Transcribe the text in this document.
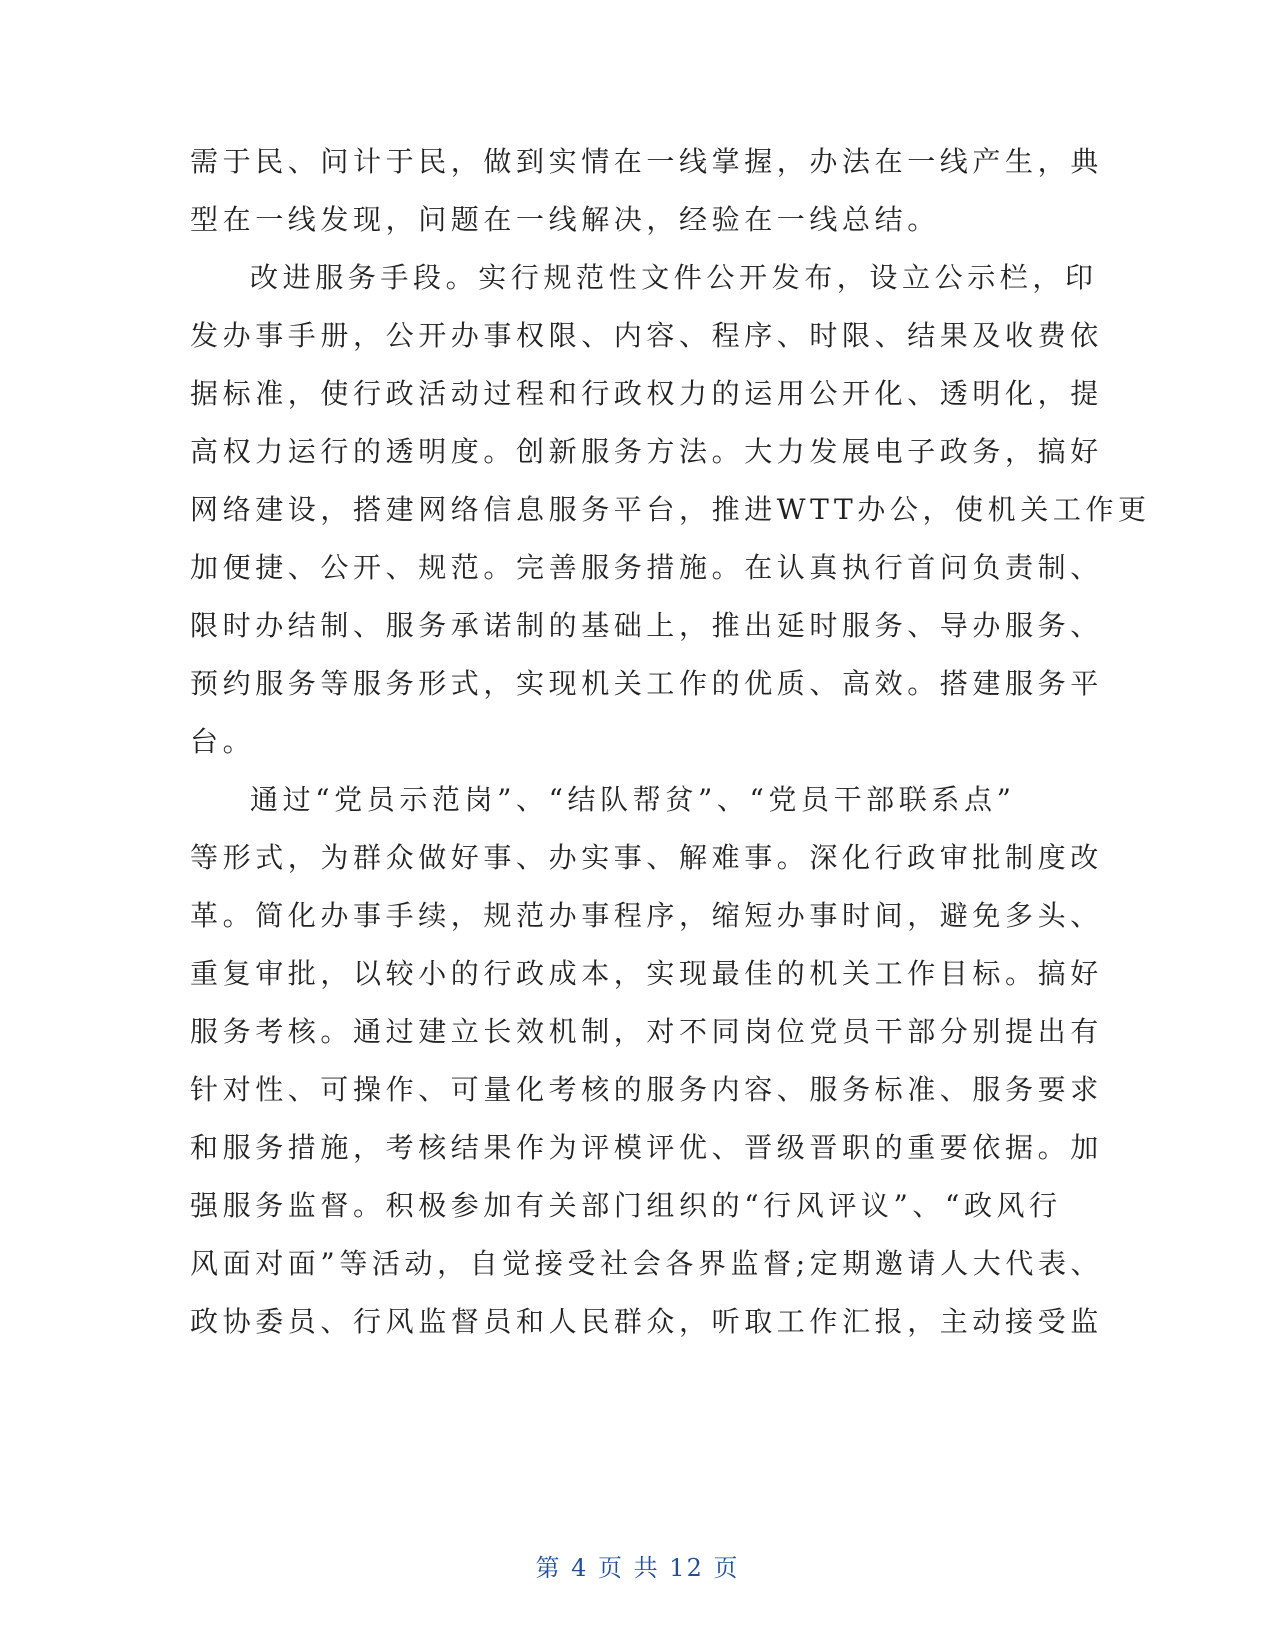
需于民、问计于民，做到实情在一线掌握，办法在一线产生，典
型在一线发现，问题在一线解决，经验在一线总结。
改进服务手段。实行规范性文件公开发布，设立公示栏，印
发办事手册，公开办事权限、内容、程序、时限、结果及收费依
据标准，使行政活动过程和行政权力的运用公开化、透明化，提
高权力运行的透明度。创新服务方法。大力发展电子政务，搞好
网络建设，搭建网络信息服务平台，推进WTT办公，使机关工作更
加便捷、公开、规范。完善服务措施。在认真执行首问负责制、
限时办结制、服务承诺制的基础上，推出延时服务、导办服务、
预约服务等服务形式，实现机关工作的优质、高效。搭建服务平
台。
通过“党员示范岗”、“结队帮贫”、“党员干部联系点”
等形式，为群众做好事、办实事、解难事。深化行政审批制度改
革。简化办事手续，规范办事程序，缩短办事时间，避免多头、
重复审批，以较小的行政成本，实现最佳的机关工作目标。搞好
服务考核。通过建立长效机制，对不同岗位党员干部分别提出有
针对性、可操作、可量化考核的服务内容、服务标准、服务要求
和服务措施，考核结果作为评模评优、晋级晋职的重要依据。加
强服务监督。积极参加有关部门组织的“行风评议”、“政风行
风面对面”等活动，自觉接受社会各界监督;定期邀请人大代表、
政协委员、行风监督员和人民群众，听取工作汇报，主动接受监
第 4 页 共 12 页
